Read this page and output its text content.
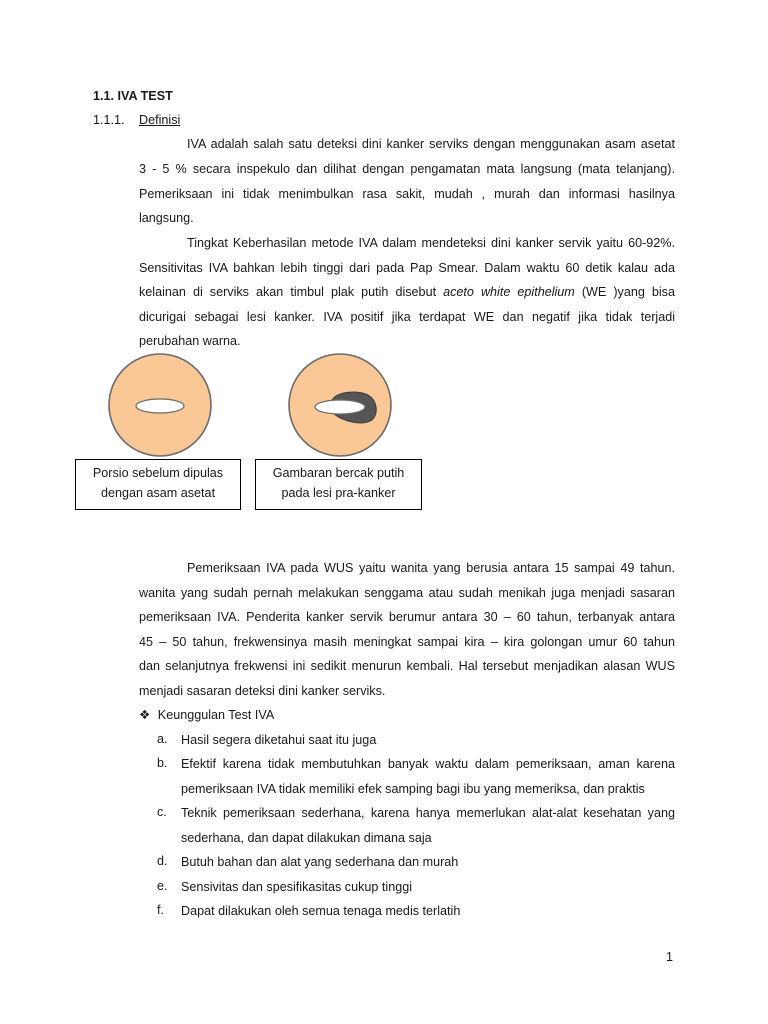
1.1. IVA TEST
1.1.1. Definisi
IVA adalah salah satu deteksi dini kanker serviks dengan menggunakan asam asetat
3 - 5 % secara inspekulo dan dilihat dengan pengamatan mata langsung (mata telanjang).
Pemeriksaan ini tidak menimbulkan rasa sakit, mudah , murah dan informasi hasilnya
langsung.
Tingkat Keberhasilan metode IVA dalam mendeteksi dini kanker servik yaitu 60-92%.
Sensitivitas IVA bahkan lebih tinggi dari pada Pap Smear. Dalam waktu 60 detik kalau ada
kelainan di serviks akan timbul plak putih disebut aceto white epithelium (WE )yang bisa
dicurigai sebagai lesi kanker. IVA positif jika terdapat WE dan negatif jika tidak terjadi
perubahan warna.
Porsio sebelum dipulas
dengan asam asetat
Gambaran bercak putih
pada lesi pra-kanker
Pemeriksaan IVA pada WUS yaitu wanita yang berusia antara 15 sampai 49 tahun.
wanita yang sudah pernah melakukan senggama atau sudah menikah juga menjadi sasaran
pemeriksaan IVA. Penderita kanker servik berumur antara 30 – 60 tahun, terbanyak antara
45 – 50 tahun, frekwensinya masih meningkat sampai kira – kira golongan umur 60 tahun
dan selanjutnya frekwensi ini sedikit menurun kembali. Hal tersebut menjadikan alasan WUS
menjadi sasaran deteksi dini kanker serviks.
❖ Keunggulan Test IVA
a. Hasil segera diketahui saat itu juga
b. Efektif karena tidak membutuhkan banyak waktu dalam pemeriksaan, aman karena
pemeriksaan IVA tidak memiliki efek samping bagi ibu yang memeriksa, dan praktis
c. Teknik pemeriksaan sederhana, karena hanya memerlukan alat-alat kesehatan yang
sederhana, dan dapat dilakukan dimana saja
d. Butuh bahan dan alat yang sederhana dan murah
e. Sensivitas dan spesifikasitas cukup tinggi
f. Dapat dilakukan oleh semua tenaga medis terlatih
1
